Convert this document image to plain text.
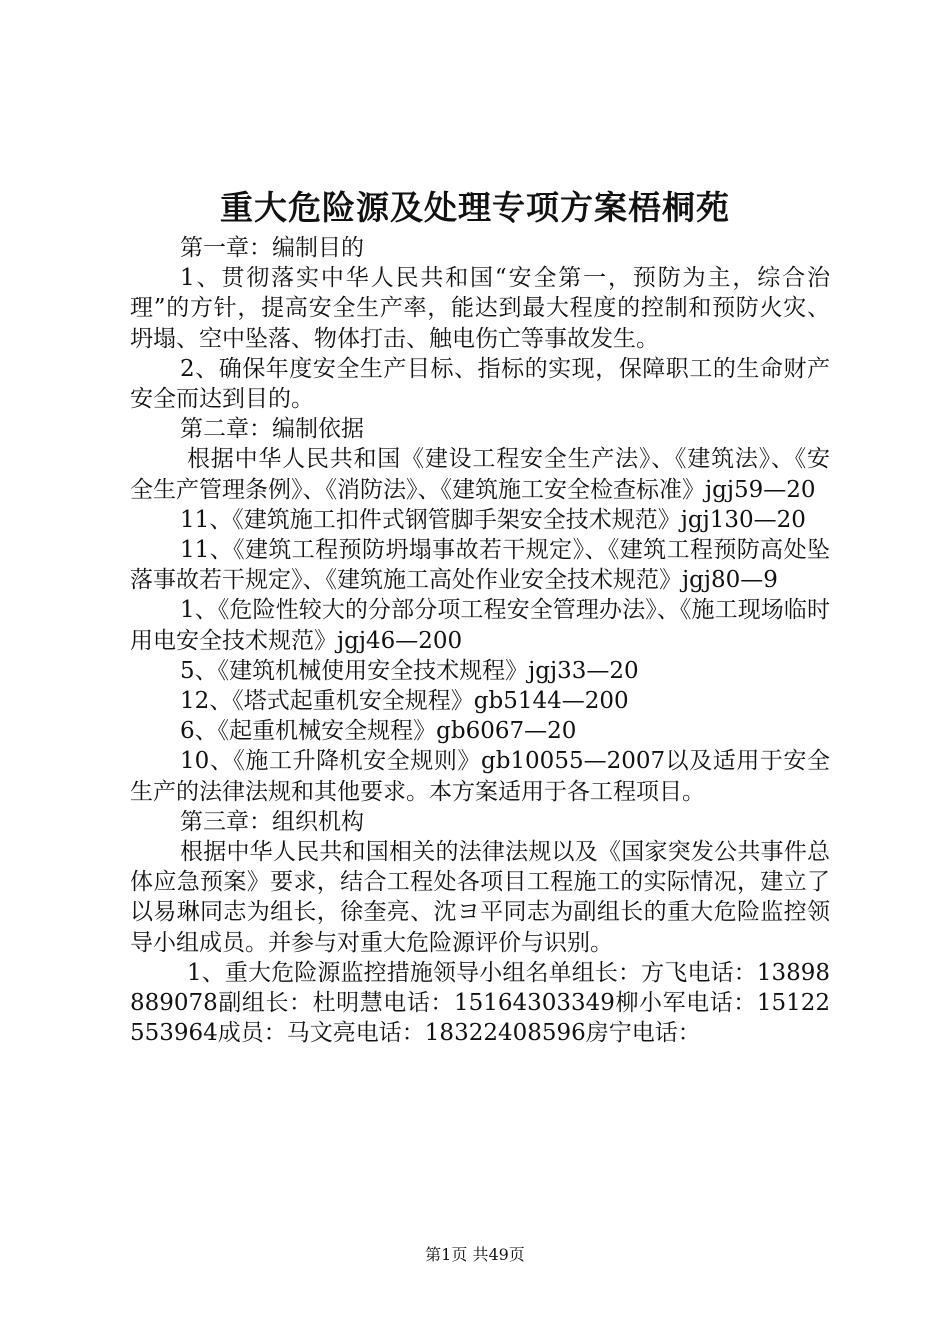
重大危险源及处理专项方案梧桐苑

第一章：编制目的

1、贯彻落实中华人民共和国“安全第一，预防为主，综合治理”的方针，提高安全生产率，能达到最大程度的控制和预防火灾、坍塌、空中坠落、物体打击、触电伤亡等事故发生。

2、确保年度安全生产目标、指标的实现，保障职工的生命财产安全而达到目的。

第二章：编制依据

根据中华人民共和国《建设工程安全生产法》、《建筑法》、《安全生产管理条例》、《消防法》、《建筑施工安全检查标准》jgj59—20

11、《建筑施工扣件式钢管脚手架安全技术规范》jgj130—20

11、《建筑工程预防坍塌事故若干规定》、《建筑工程预防高处坠落事故若干规定》、《建筑施工高处作业安全技术规范》jgj80—9

1、《危险性较大的分部分项工程安全管理办法》、《施工现场临时用电安全技术规范》jgj46—200

5、《建筑机械使用安全技术规程》jgj33—20

12、《塔式起重机安全规程》gb5144—200

6、《起重机械安全规程》gb6067—20

10、《施工升降机安全规则》gb10055—2007以及适用于安全生产的法律法规和其他要求。本方案适用于各工程项目。

第三章：组织机构

根据中华人民共和国相关的法律法规以及《国家突发公共事件总体应急预案》要求，结合工程处各项目工程施工的实际情况，建立了以易琳同志为组长，徐奎亮、沈ヨ平同志为副组长的重大危险监控领导小组成员。并参与对重大危险源评价与识别。

1、重大危险源监控措施领导小组名单组长：方飞电话：13898889078副组长：杜明慧电话：15164303349柳小军电话：15122553964成员：马文亮电话：18322408596房宁电话：

第1页 共49页
